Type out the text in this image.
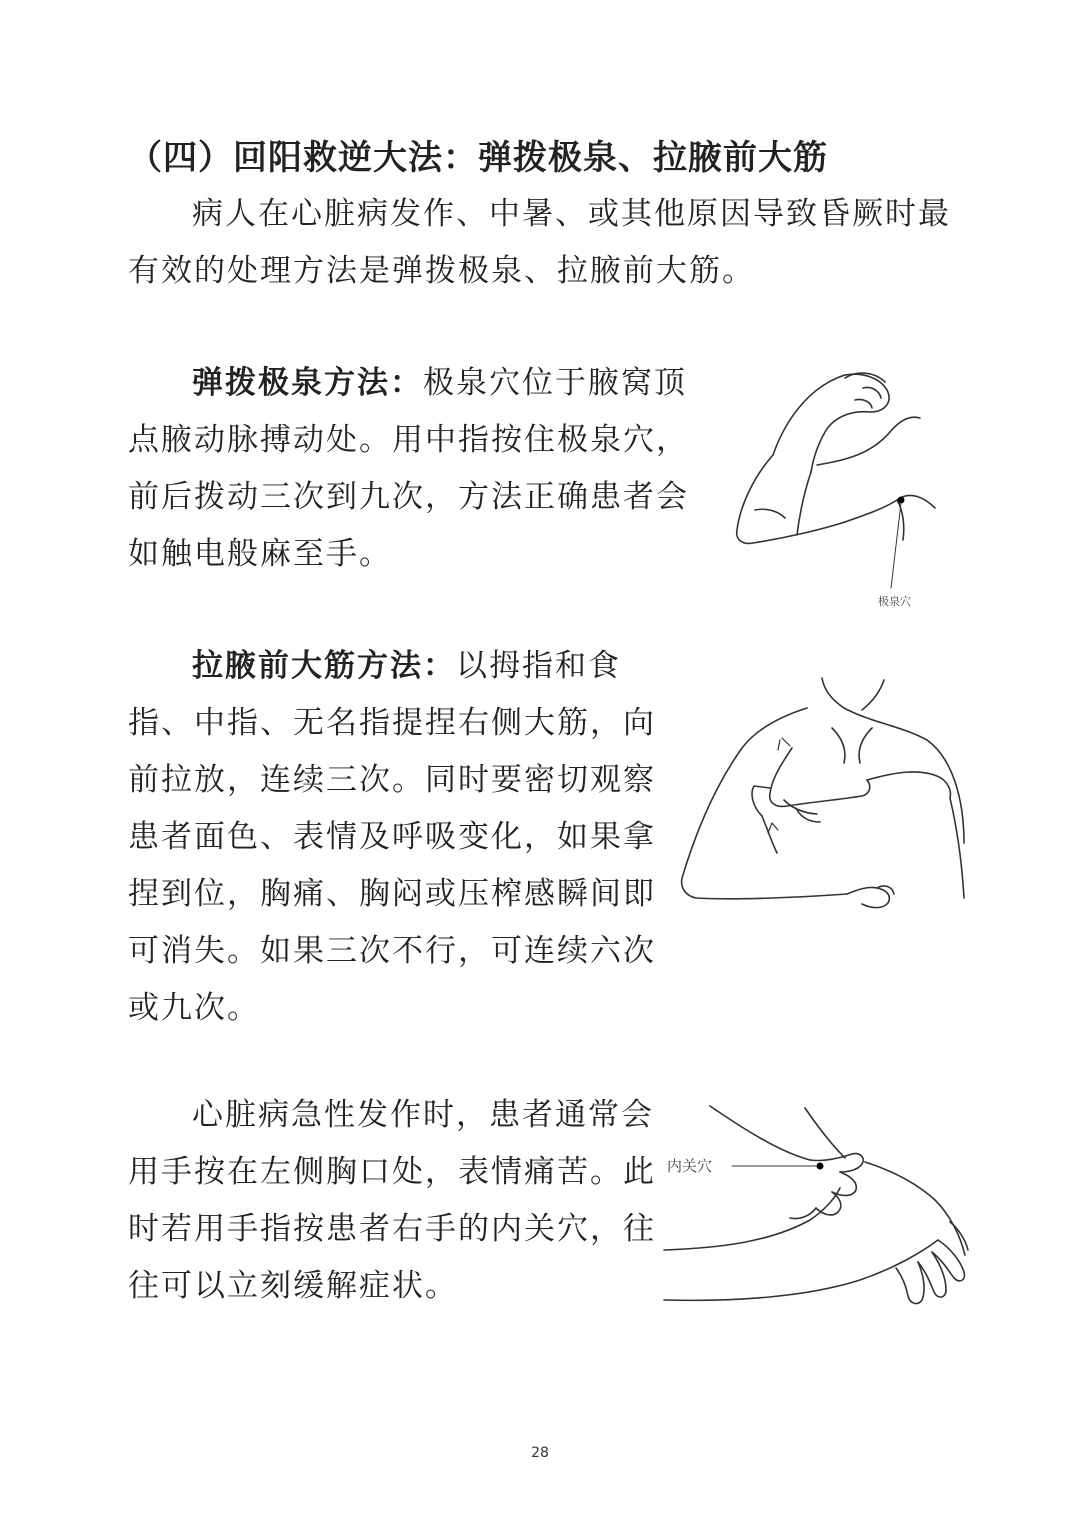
（四）回阳救逆大法：弹拨极泉、拉腋前大筋

病人在心脏病发作、中暑、或其他原因导致昏厥时最有效的处理方法是弹拨极泉、拉腋前大筋。

弹拨极泉方法：极泉穴位于腋窝顶点腋动脉搏动处。用中指按住极泉穴，前后拨动三次到九次，方法正确患者会如触电般麻至手。

拉腋前大筋方法：以拇指和食指、中指、无名指提捏右侧大筋，向前拉放，连续三次。同时要密切观察患者面色、表情及呼吸变化，如果拿捏到位，胸痛、胸闷或压榨感瞬间即可消失。如果三次不行，可连续六次或九次。

心脏病急性发作时，患者通常会用手按在左侧胸口处，表情痛苦。此时若用手指按患者右手的内关穴，往往可以立刻缓解症状。

极泉穴
内关穴
28
